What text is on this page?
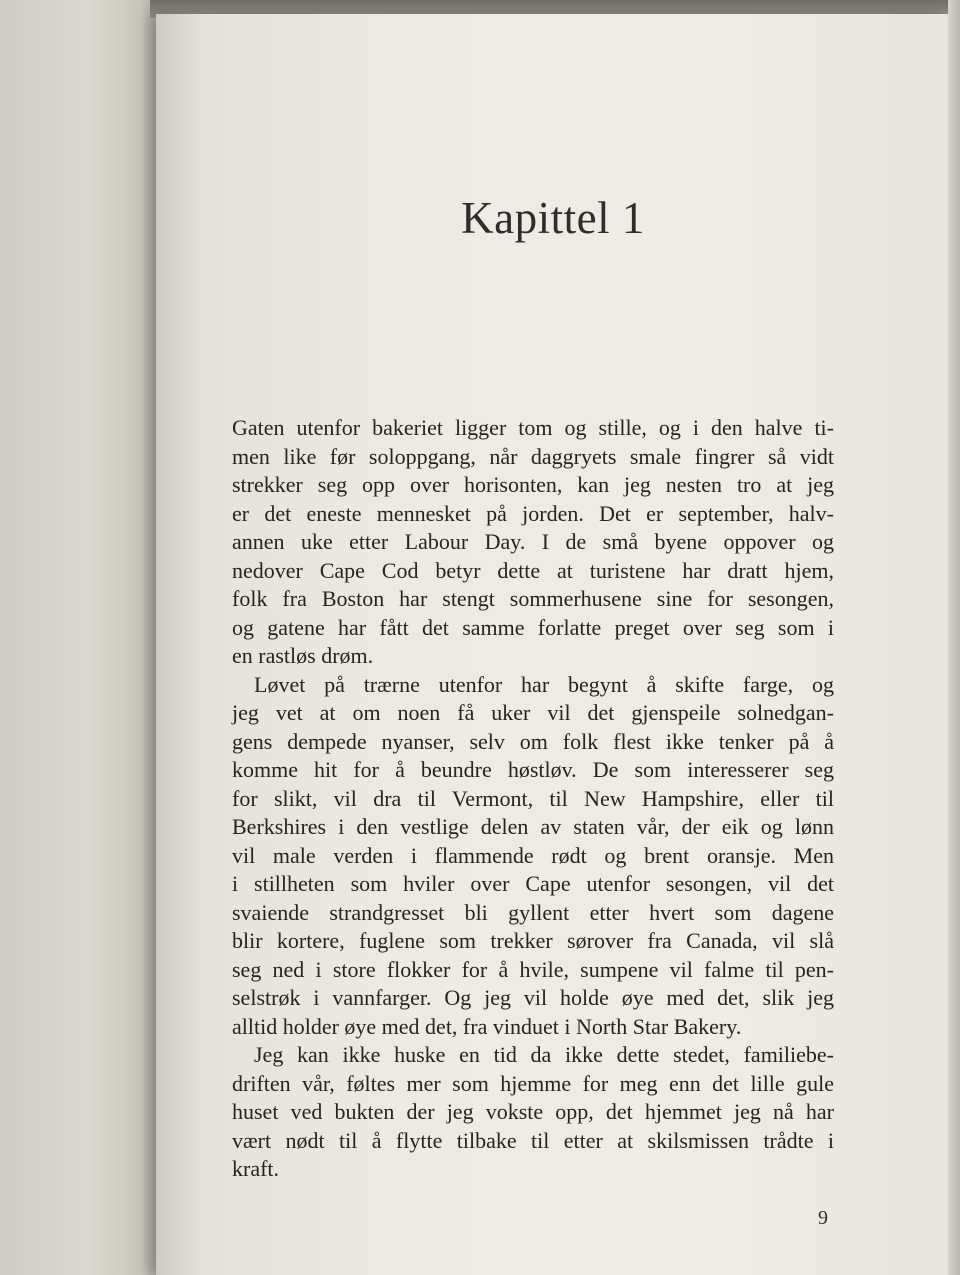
Kapittel 1

Gaten utenfor bakeriet ligger tom og stille, og i den halve ti-
men like før soloppgang, når daggryets smale fingrer så vidt
strekker seg opp over horisonten, kan jeg nesten tro at jeg
er det eneste mennesket på jorden. Det er september, halv-
annen uke etter Labour Day. I de små byene oppover og
nedover Cape Cod betyr dette at turistene har dratt hjem,
folk fra Boston har stengt sommerhusene sine for sesongen,
og gatene har fått det samme forlatte preget over seg som i
en rastløs drøm.

Løvet på trærne utenfor har begynt å skifte farge, og
jeg vet at om noen få uker vil det gjenspeile solnedgan-
gens dempede nyanser, selv om folk flest ikke tenker på å
komme hit for å beundre høstløv. De som interesserer seg
for slikt, vil dra til Vermont, til New Hampshire, eller til
Berkshires i den vestlige delen av staten vår, der eik og lønn
vil male verden i flammende rødt og brent oransje. Men
i stillheten som hviler over Cape utenfor sesongen, vil det
svaiende strandgresset bli gyllent etter hvert som dagene
blir kortere, fuglene som trekker sørover fra Canada, vil slå
seg ned i store flokker for å hvile, sumpene vil falme til pen-
selstrøk i vannfarger. Og jeg vil holde øye med det, slik jeg
alltid holder øye med det, fra vinduet i North Star Bakery.

Jeg kan ikke huske en tid da ikke dette stedet, familiebe-
driften vår, føltes mer som hjemme for meg enn det lille gule
huset ved bukten der jeg vokste opp, det hjemmet jeg nå har
vært nødt til å flytte tilbake til etter at skilsmissen trådte i
kraft.

9
